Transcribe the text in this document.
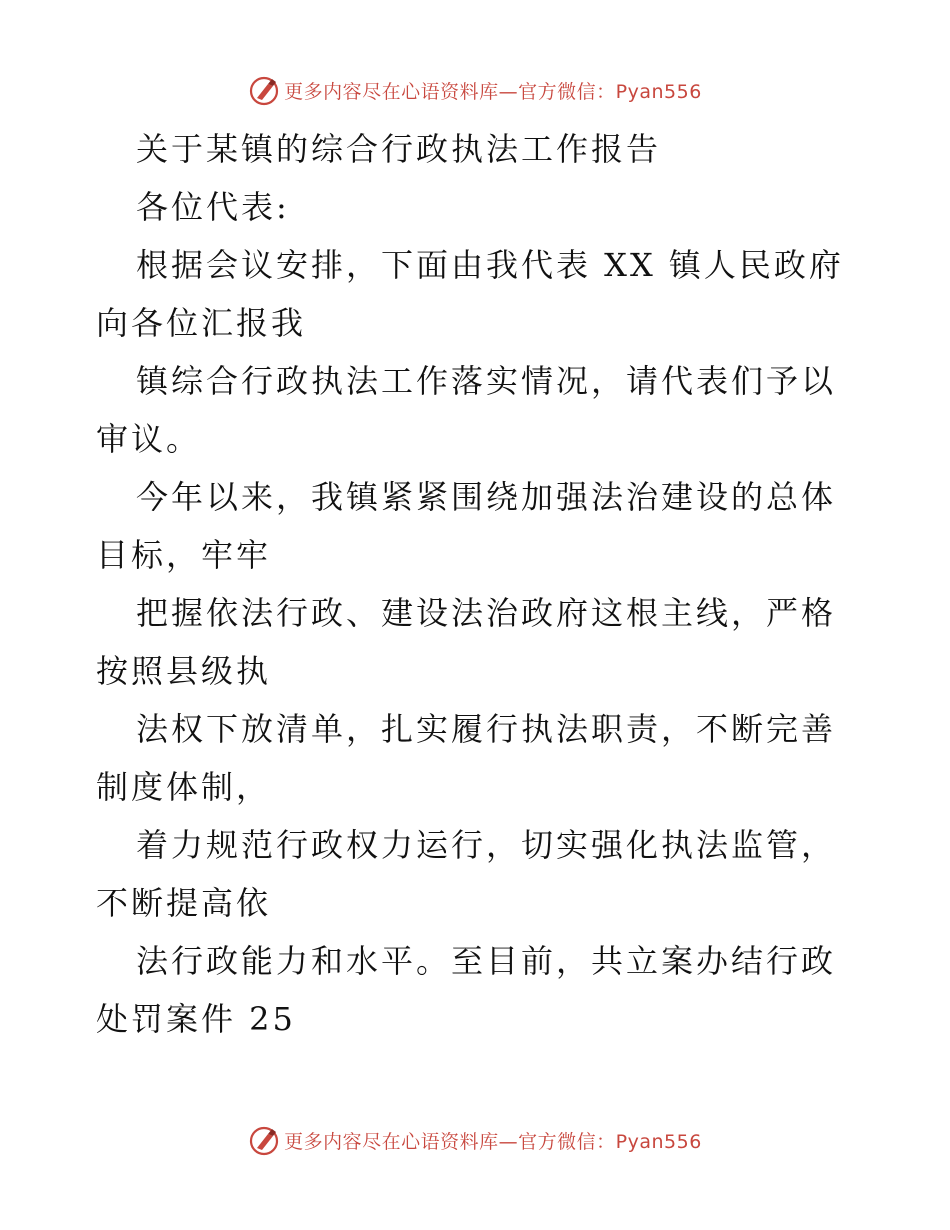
更多内容尽在心语资料库—官方微信：Pyan556

关于某镇的综合行政执法工作报告

各位代表:

根据会议安排，下面由我代表 XX 镇人民政府向各位汇报我

镇综合行政执法工作落实情况，请代表们予以审议。

今年以来，我镇紧紧围绕加强法治建设的总体目标，牢牢

把握依法行政、建设法治政府这根主线，严格按照县级执

法权下放清单，扎实履行执法职责，不断完善制度体制，

着力规范行政权力运行，切实强化执法监管，不断提高依

法行政能力和水平。至目前，共立案办结行政处罚案件 25

更多内容尽在心语资料库—官方微信：Pyan556
